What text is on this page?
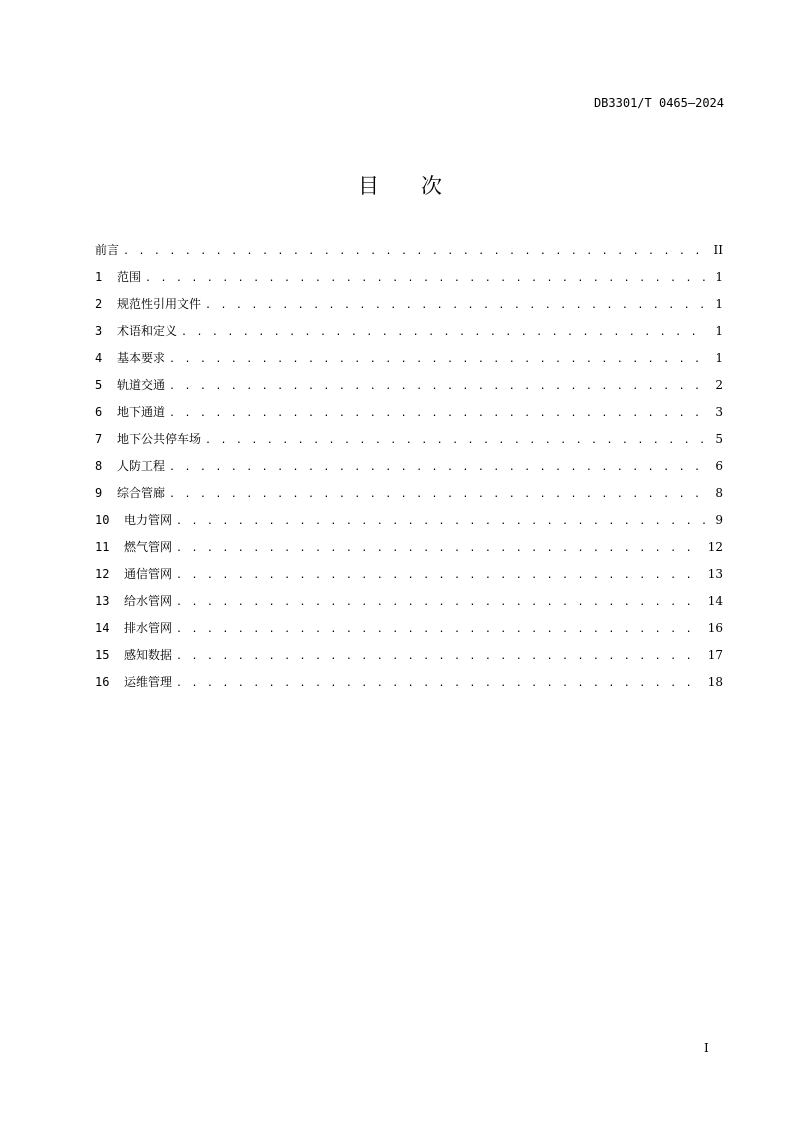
DB3301/T 0465—2024
目 次
前言 . . .	II
1	范围 . . .	1
2	规范性引用文件 . . .	1
3	术语和定义 . . .	1
4	基本要求 . . .	1
5	轨道交通 . . .	2
6	地下通道 . . .	3
7	地下公共停车场 . . .	5
8	人防工程 . . .	6
9	综合管廊 . . .	8
10	电力管网 . . .	9
11	燃气管网 . . .	12
12	通信管网 . . .	13
13	给水管网 . . .	14
14	排水管网 . . .	16
15	感知数据 . . .	17
16	运维管理 . . .	18
I
